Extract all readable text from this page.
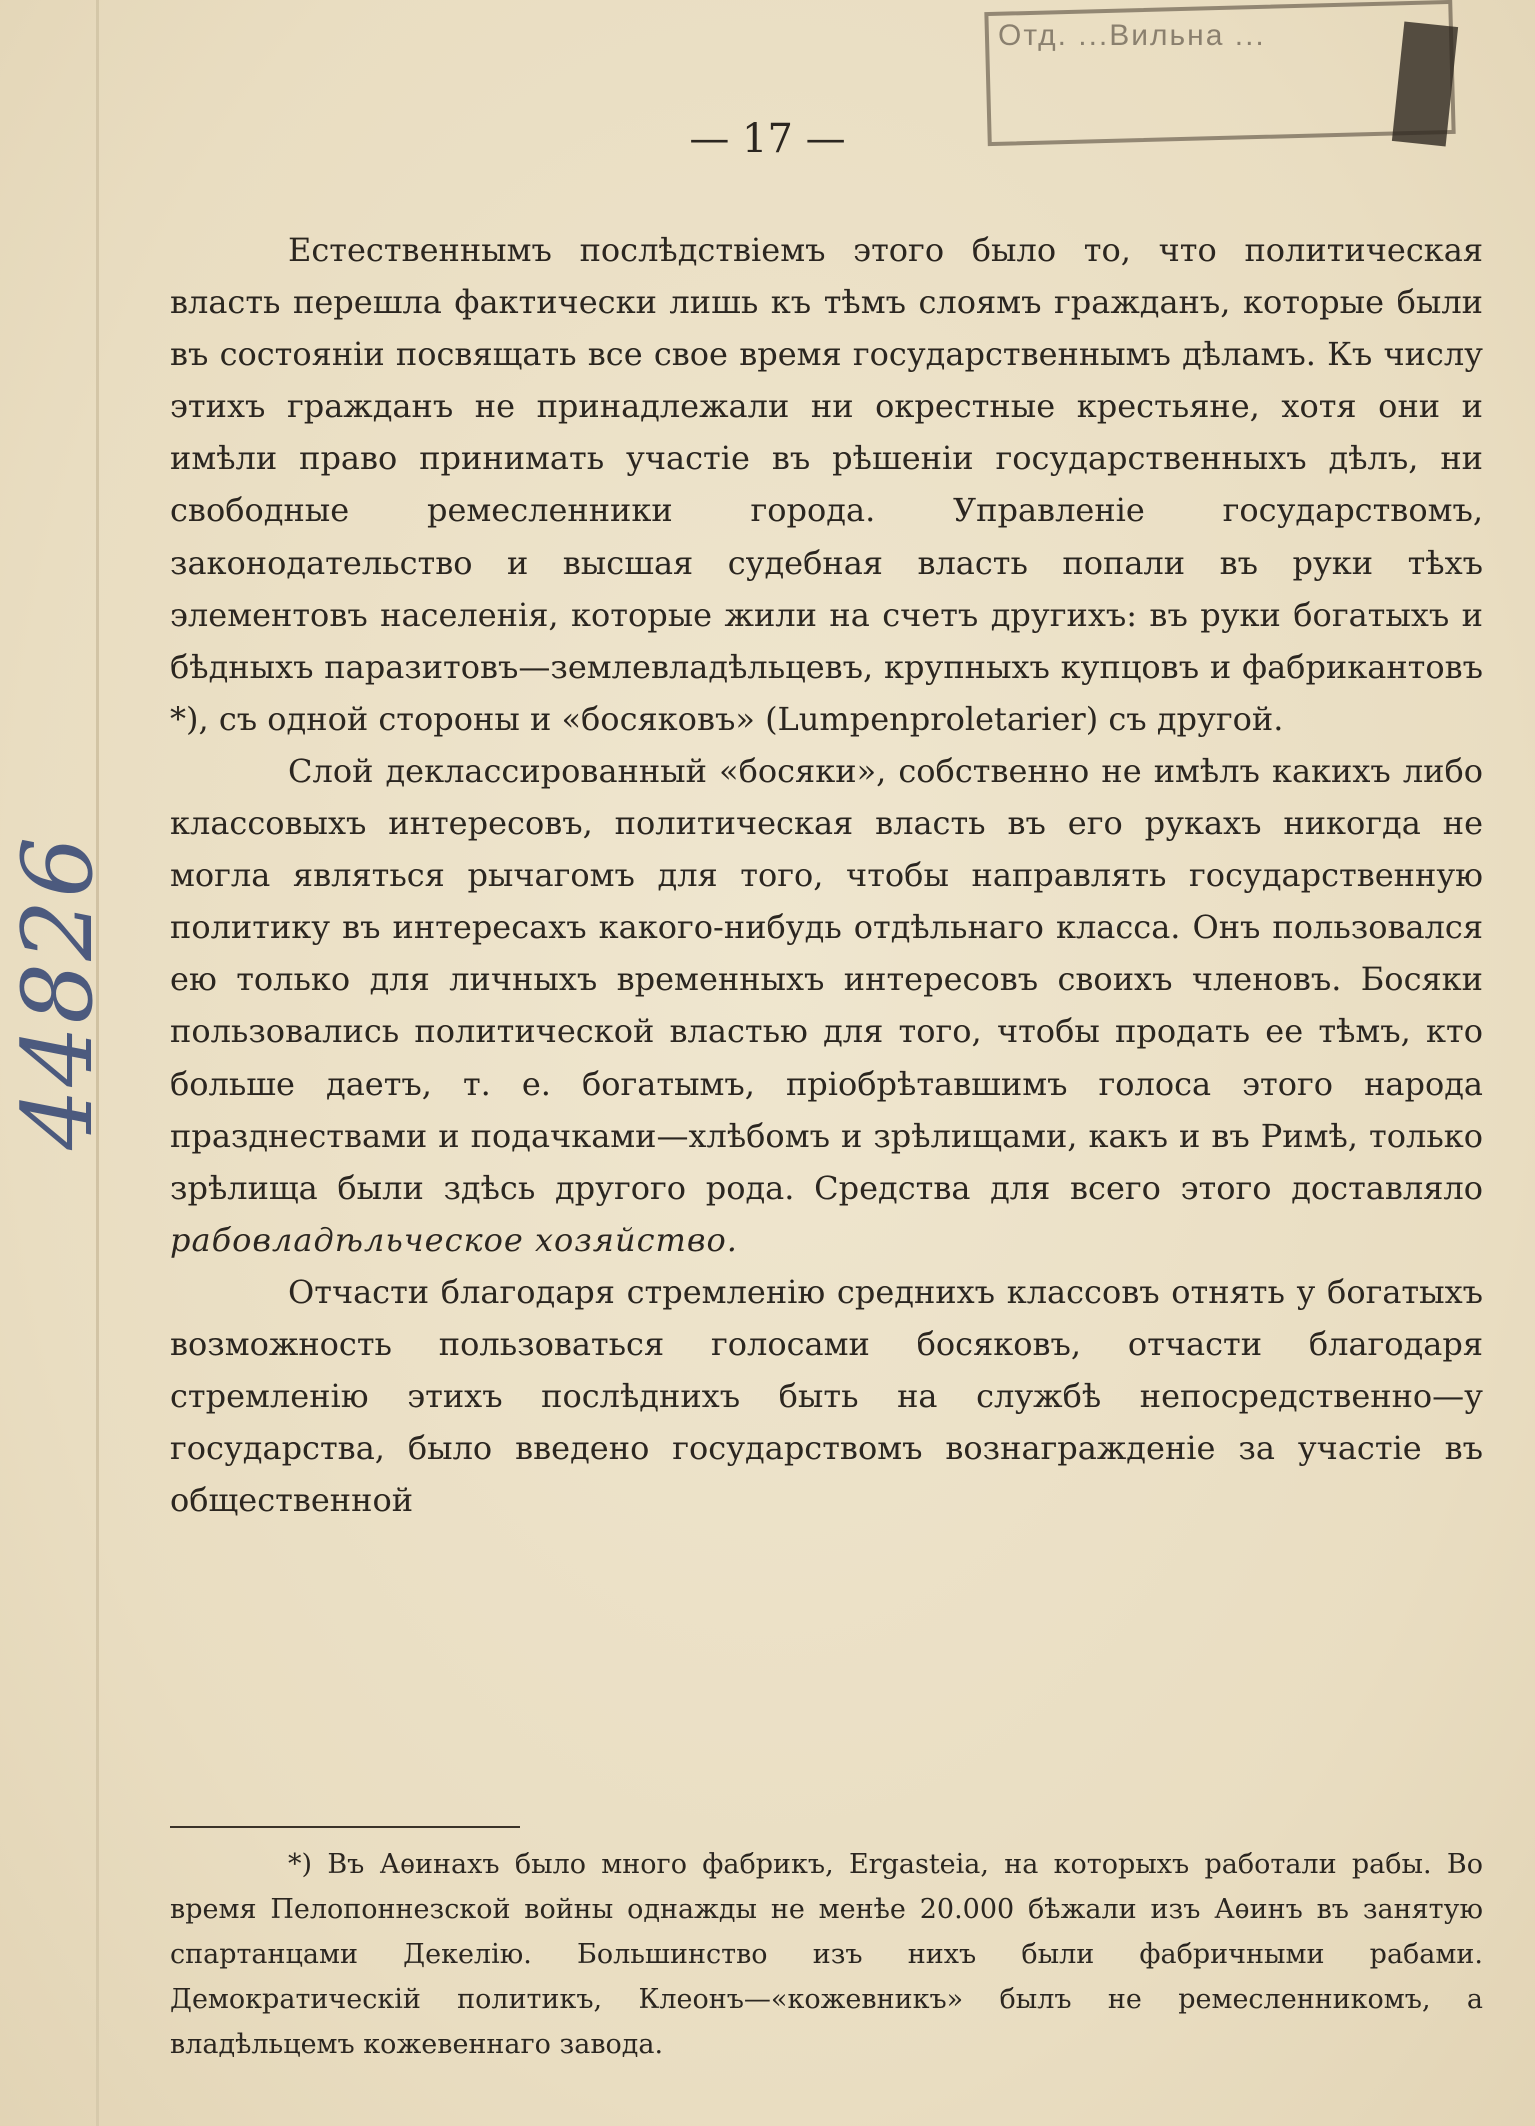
Отд. ...Вильна ...
44826
— 17 —

Естественнымъ послѣдствіемъ этого было то, что политическая власть перешла фактически лишь къ тѣмъ слоямъ гражданъ, которые были въ состояніи посвящать все свое время государственнымъ дѣламъ. Къ числу этихъ гражданъ не принадлежали ни окрестные крестьяне, хотя они и имѣли право принимать участіе въ рѣшеніи государственныхъ дѣлъ, ни свободные ремесленники города. Управленіе государствомъ, законодательство и высшая судебная власть попали въ руки тѣхъ элементовъ населенія, которые жили на счетъ другихъ: въ руки богатыхъ и бѣдныхъ паразитовъ—землевладѣльцевъ, крупныхъ купцовъ и фабрикантовъ *), съ одной стороны и «босяковъ» (Lumpenproletarier) съ другой.

Слой деклассированный «босяки», собственно не имѣлъ какихъ либо классовыхъ интересовъ, политическая власть въ его рукахъ никогда не могла являться рычагомъ для того, чтобы направлять государственную политику въ интересахъ какого-нибудь отдѣльнаго класса. Онъ пользовался ею только для личныхъ временныхъ интересовъ своихъ членовъ. Босяки пользовались политической властью для того, чтобы продать ее тѣмъ, кто больше даетъ, т. е. богатымъ, пріобрѣтавшимъ голоса этого народа празднествами и подачками—хлѣбомъ и зрѣлищами, какъ и въ Римѣ, только зрѣлища были здѣсь другого рода. Средства для всего этого доставляло рабовладѣльческое хозяйство.

Отчасти благодаря стремленію среднихъ классовъ отнять у богатыхъ возможность пользоваться голосами босяковъ, отчасти благодаря стремленію этихъ послѣднихъ быть на службѣ непосредственно—у государства, было введено государствомъ вознагражденіе за участіе въ общественной

*) Въ Аѳинахъ было много фабрикъ, Ergasteia, на которыхъ работали рабы. Во время Пелопоннезской войны однажды не менѣе 20.000 бѣжали изъ Аѳинъ въ занятую спартанцами Декелію. Большинство изъ нихъ были фабричными рабами. Демократическій политикъ, Клеонъ—«кожевникъ» былъ не ремесленникомъ, а владѣльцемъ кожевеннаго завода.
